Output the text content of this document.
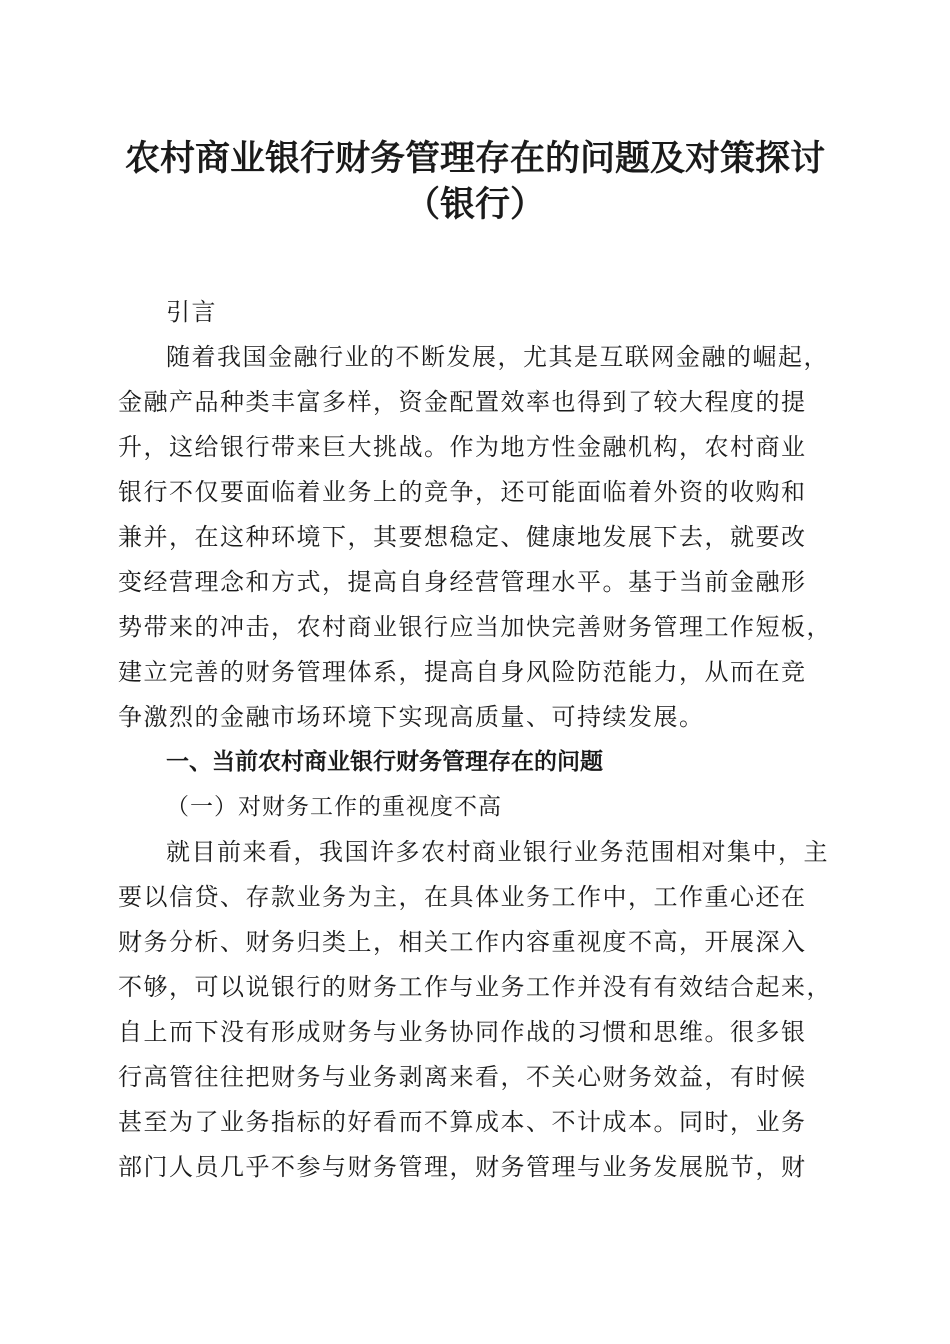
农村商业银行财务管理存在的问题及对策探讨
（银行）
引言
随着我国金融行业的不断发展，尤其是互联网金融的崛起，
金融产品种类丰富多样，资金配置效率也得到了较大程度的提
升，这给银行带来巨大挑战。作为地方性金融机构，农村商业
银行不仅要面临着业务上的竞争，还可能面临着外资的收购和
兼并，在这种环境下，其要想稳定、健康地发展下去，就要改
变经营理念和方式，提高自身经营管理水平。基于当前金融形
势带来的冲击，农村商业银行应当加快完善财务管理工作短板，
建立完善的财务管理体系，提高自身风险防范能力，从而在竞
争激烈的金融市场环境下实现高质量、可持续发展。
一、当前农村商业银行财务管理存在的问题
（一）对财务工作的重视度不高
就目前来看，我国许多农村商业银行业务范围相对集中，主
要以信贷、存款业务为主，在具体业务工作中，工作重心还在
财务分析、财务归类上，相关工作内容重视度不高，开展深入
不够，可以说银行的财务工作与业务工作并没有有效结合起来，
自上而下没有形成财务与业务协同作战的习惯和思维。很多银
行高管往往把财务与业务剥离来看，不关心财务效益，有时候
甚至为了业务指标的好看而不算成本、不计成本。同时，业务
部门人员几乎不参与财务管理，财务管理与业务发展脱节，财
